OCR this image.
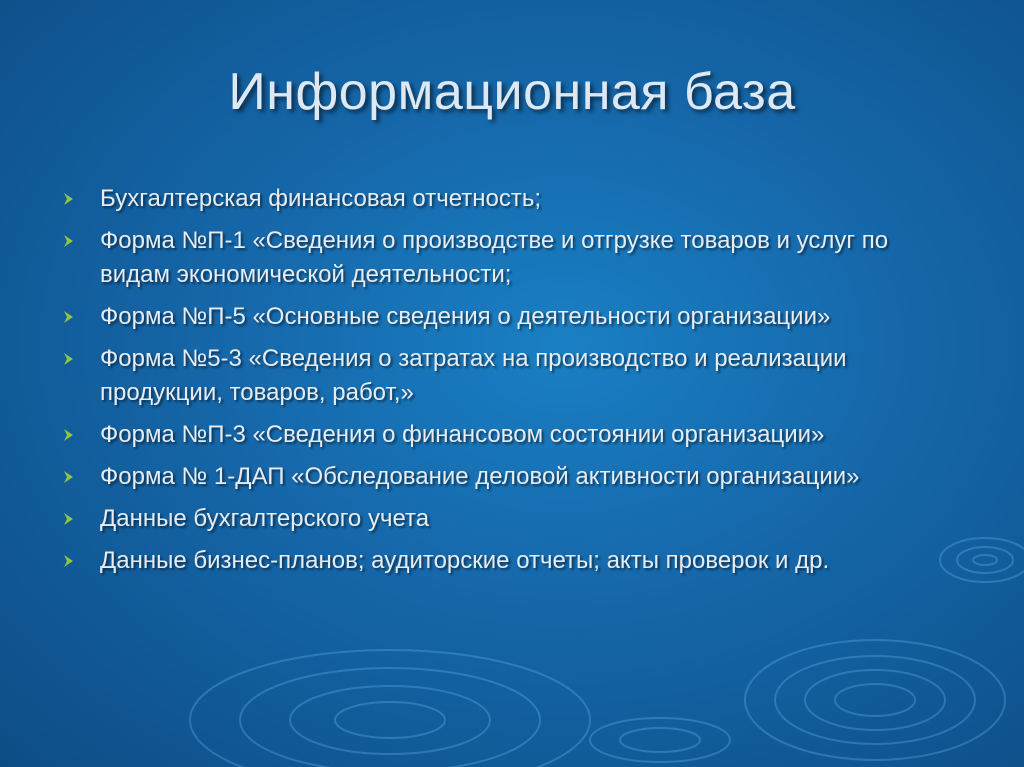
Информационная база
Бухгалтерская финансовая отчетность;
Форма №П-1 «Сведения о производстве и отгрузке товаров и услуг по видам экономической деятельности;
Форма №П-5 «Основные сведения о деятельности организации»
Форма №5-3 «Сведения о затратах на производство и реализации продукции, товаров, работ,»
Форма №П-3 «Сведения о финансовом состоянии организации»
Форма № 1-ДАП «Обследование деловой активности организации»
Данные бухгалтерского учета
Данные бизнес-планов; аудиторские отчеты; акты проверок и др.
